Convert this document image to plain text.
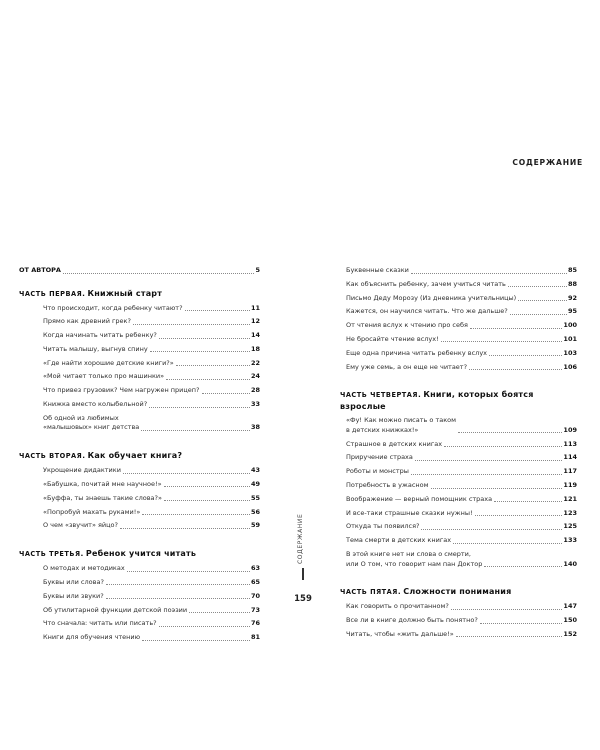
СОДЕРЖАНИЕ
ОТ АВТОРА	5
ЧАСТЬ ПЕРВАЯ. Книжный старт
Что происходит, когда ребенку читают?	11
Прямо как древний грек?	12
Когда начинать читать ребенку?	14
Читать малышу, выгнув спину	18
«Где найти хорошие детские книги?»	22
«Мой читает только про машинки»	24
Что привез грузовик? Чем нагружен прицеп?	28
Книжка вместо колыбельной?	33
Об одной из любимых
«малышовых» книг детства	38
ЧАСТЬ ВТОРАЯ. Как обучает книга?
Укрощение дидактики	43
«Бабушка, почитай мне научное!»	49
«Буффа, ты знаешь такие слова?»	55
«Попробуй махать руками!»	56
О чем «звучит» яйцо?	59
ЧАСТЬ ТРЕТЬЯ. Ребенок учится читать
О методах и методиках	63
Буквы или слова?	65
Буквы или звуки?	70
Об утилитарной функции детской поэзии	73
Что сначала: читать или писать?	76
Книги для обучения чтению	81
СОДЕРЖАНИЕ
159
Буквенные сказки	85
Как объяснить ребенку, зачем учиться читать	88
Письмо Деду Морозу (Из дневника учительницы)	92
Кажется, он научился читать. Что же дальше?	95
От чтения вслух к чтению про себя	100
Не бросайте чтение вслух!	101
Еще одна причина читать ребенку вслух	103
Ему уже семь, а он еще не читает?	106
ЧАСТЬ ЧЕТВЕРТАЯ. Книги, которых боятся взрослые
«Фу! Как можно писать о таком
в детских книжках!»	109
Страшное в детских книгах	113
Приручение страха	114
Роботы и монстры	117
Потребность в ужасном	119
Воображение — верный помощник страха	121
И все-таки страшные сказки нужны!	123
Откуда ты появился?	125
Тема смерти в детских книгах	133
В этой книге нет ни слова о смерти,
или О том, что говорит нам пан Доктор	140
ЧАСТЬ ПЯТАЯ. Сложности понимания
Как говорить о прочитанном?	147
Все ли в книге должно быть понятно?	150
Читать, чтобы «жить дальше!»	152
